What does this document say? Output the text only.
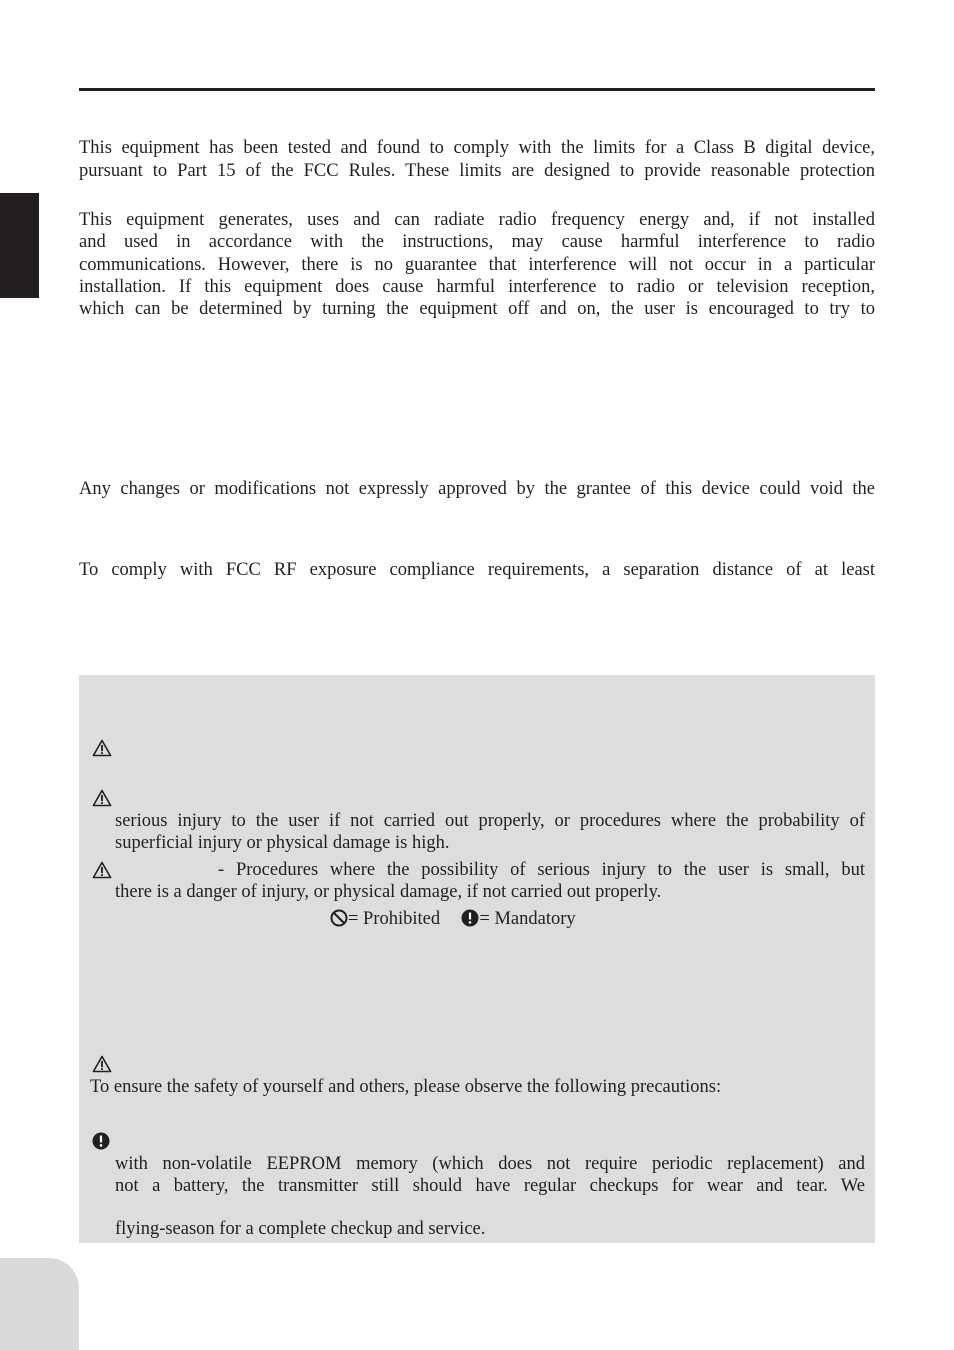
This equipment has been tested and found to comply with the limits for a Class B digital device,
pursuant to Part 15 of the FCC Rules. These limits are designed to provide reasonable protection
This equipment generates, uses and can radiate radio frequency energy and, if not installed
and used in accordance with the instructions, may cause harmful interference to radio
communications. However, there is no guarantee that interference will not occur in a particular
installation. If this equipment does cause harmful interference to radio or television reception,
which can be determined by turning the equipment off and on, the user is encouraged to try to
Any changes or modifications not expressly approved by the grantee of this device could void the
To comply with FCC RF exposure compliance requirements, a separation distance of at least
serious injury to the user if not carried out properly, or procedures where the probability of
superficial injury or physical damage is high.
- Procedures where the possibility of serious injury to the user is small, but
there is a danger of injury, or physical damage, if not carried out properly.
= Prohibited = Mandatory
To ensure the safety of yourself and others, please observe the following precautions:
with non-volatile EEPROM memory (which does not require periodic replacement) and
not a battery, the transmitter still should have regular checkups for wear and tear. We
flying-season for a complete checkup and service.
